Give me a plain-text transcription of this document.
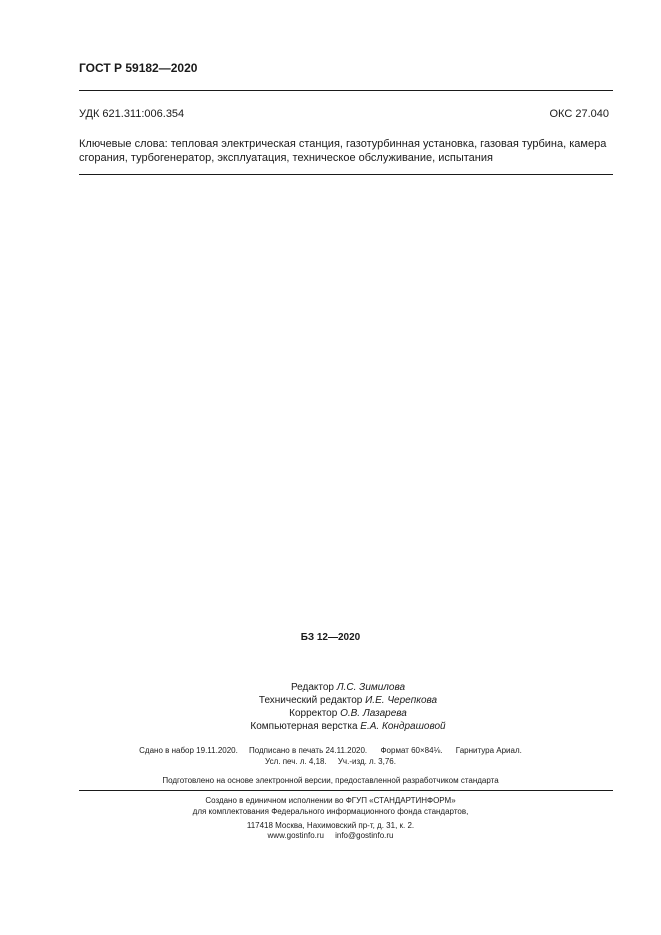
ГОСТ Р 59182—2020
УДК 621.311:006.354	ОКС 27.040
Ключевые слова: тепловая электрическая станция, газотурбинная установка, газовая турбина, камера
сгорания, турбогенератор, эксплуатация, техническое обслуживание, испытания
БЗ 12—2020
Редактор Л.С. Зимилова
Технический редактор И.Е. Черепкова
Корректор О.В. Лазарева
Компьютерная верстка Е.А. Кондрашовой
Сдано в набор 19.11.2020.     Подписано в печать 24.11.2020.      Формат 60×84⅛.      Гарнитура Ариал.
Усл. печ. л. 4,18.     Уч.-изд. л. 3,76.
Подготовлено на основе электронной версии, предоставленной разработчиком стандарта
Создано в единичном исполнении во ФГУП «СТАНДАРТИНФОРМ»
для комплектования Федерального информационного фонда стандартов,
117418 Москва, Нахимовский пр-т, д. 31, к. 2.
www.gostinfo.ru info@gostinfo.ru
